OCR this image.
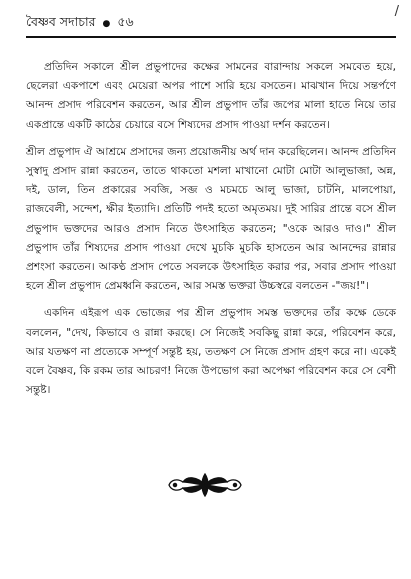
/
বৈষ্ণব সদাচার ● ৫৬

প্রতিদিন সকালে শ্রীল প্রভুপাদের কক্ষের সামনের বারান্দায় সকলে সমবেত হয়ে, ছেলেরা একপাশে এবং মেয়েরা অপর পাশে সারি হয়ে বসতেন। মাঝখান দিয়ে সন্তর্পণে আনন্দ প্রসাদ পরিবেশন করতেন, আর শ্রীল প্রভুপাদ তাঁর জপের মালা হাতে নিয়ে তার একপ্রান্তে একটি কাঠের চেয়ারে বসে শিষ্যদের প্রসাদ পাওয়া দর্শন করতেন।

শ্রীল প্রভুপাদ ঐ আশ্রমে প্রসাদের জন্য প্রয়োজনীয় অর্থ দান করেছিলেন। আনন্দ প্রতিদিন সুস্বাদু প্রসাদ রান্না করতেন, তাতে থাকতো মশলা মাখানো মোটা মোটা আলুভাজা, অন্ন, দই, ডাল, তিন প্রকারের সবজি, সব্জ ও মচমচে আলু ভাজা, চাটনি, মালপোয়া, রাজবেলী, সন্দেশ, ক্ষীর ইত্যাদি। প্রতিটি পদই হতো অমৃতময়। দুই সারির প্রান্তে বসে শ্রীল প্রভুপাদ ভক্তদের আরও প্রসাদ নিতে উৎসাহিত করতেন; "ওকে আরও দাও।" শ্রীল প্রভুপাদ তাঁর শিষ্যদের প্রসাদ পাওয়া দেখে মুচকি মুচকি হাসতেন আর আনন্দের রান্নার প্রশংসা করতেন। আকণ্ঠ প্রসাদ পেতে সবলকে উৎসাহিত করার পর, সবার প্রসাদ পাওয়া হলে শ্রীল প্রভুপাদ প্রেমধ্বনি করতেন, আর সমস্ত ভক্তরা উচ্চস্বরে বলতেন -"জয়!"।

একদিন এইরূপ এক ভোজের পর শ্রীল প্রভুপাদ সমস্ত ভক্তদের তাঁর কক্ষে ডেকে বললেন, "দেখ, কিভাবে ও রান্না করছে। সে নিজেই সবকিছু রান্না করে, পরিবেশন করে, আর যতক্ষণ না প্রত্যেকে সম্পূর্ণ সন্তুষ্ট হয়, ততক্ষণ সে নিজে প্রসাদ গ্রহণ করে না। একেই বলে বৈষ্ণব, কি রকম তার আচরণ! নিজে উপভোগ করা অপেক্ষা পরিবেশন করে সে বেশী সন্তুষ্ট।
